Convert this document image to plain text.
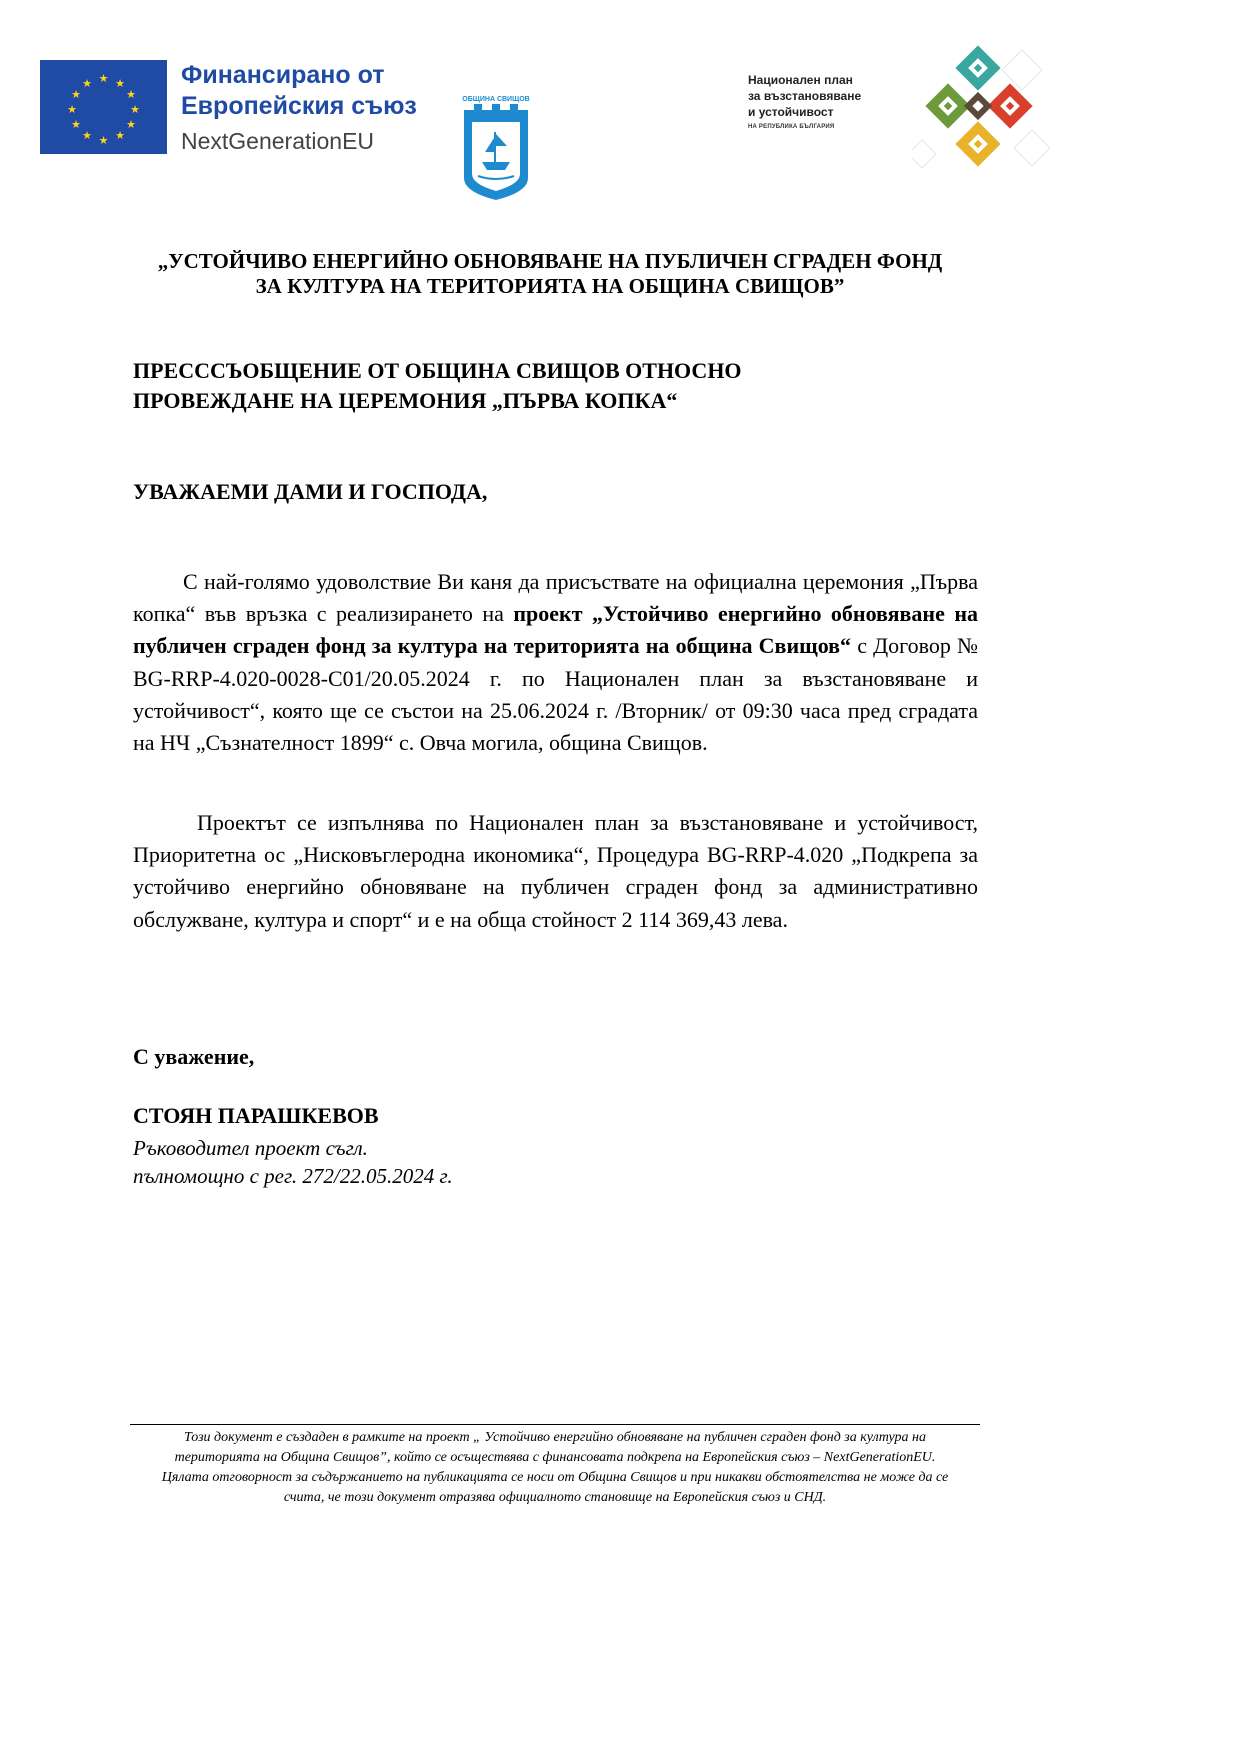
★ ★
★
★
★
★
★
★
★
★
★
★	Финансирано от
Европейския съюз
NextGenerationEU
ОБЩИНА СВИЩОВ
Национален план
за възстановяване
и устойчивост
НА РЕПУБЛИКА БЪЛГАРИЯ
„УСТОЙЧИВО ЕНЕРГИЙНО ОБНОВЯВАНЕ НА ПУБЛИЧЕН СГРАДЕН ФОНД
ЗА КУЛТУРА НА ТЕРИТОРИЯТА НА ОБЩИНА СВИЩОВ”
ПРЕСССЪОБЩЕНИЕ ОТ ОБЩИНА СВИЩОВ ОТНОСНО
ПРОВЕЖДАНЕ НА ЦЕРЕМОНИЯ „ПЪРВА КОПКА“
УВАЖАЕМИ ДАМИ И ГОСПОДА,
С най-голямо удоволствие Ви каня да присъствате на официална церемония „Първа копка“ във връзка с реализирането на проект „Устойчиво енергийно обновяване на публичен сграден фонд за култура на територията на община Свищов“ с Договор № BG-RRP-4.020-0028-C01/20.05.2024 г. по Национален план за възстановяване и устойчивост“, която ще се състои на 25.06.2024 г. /Вторник/ от 09:30 часа пред сградата на НЧ „Съзнателност 1899“ с. Овча могила, община Свищов.
Проектът се изпълнява по Национален план за възстановяване и устойчивост, Приоритетна ос „Нисковъглеродна икономика“, Процедура BG-RRP-4.020 „Подкрепа за устойчиво енергийно обновяване на публичен сграден фонд за административно обслужване, култура и спорт“ и е на обща стойност 2 114 369,43 лева.
С уважение,
СТОЯН ПАРАШКЕВОВ
Ръководител проект съгл.
пълномощно с рег. 272/22.05.2024 г.
Този документ е създаден в рамките на проект „ Устойчиво енергийно обновяване на публичен сграден фонд за култура на
територията на Община Свищов”, който се осъществява с финансовата подкрепа на Европейския съюз – NextGenerationEU.
Цялата отговорност за съдържанието на публикацията се носи от Община Свищов и при никакви обстоятелства не може да се
счита, че този документ отразява официалното становище на Европейския съюз и СНД.
